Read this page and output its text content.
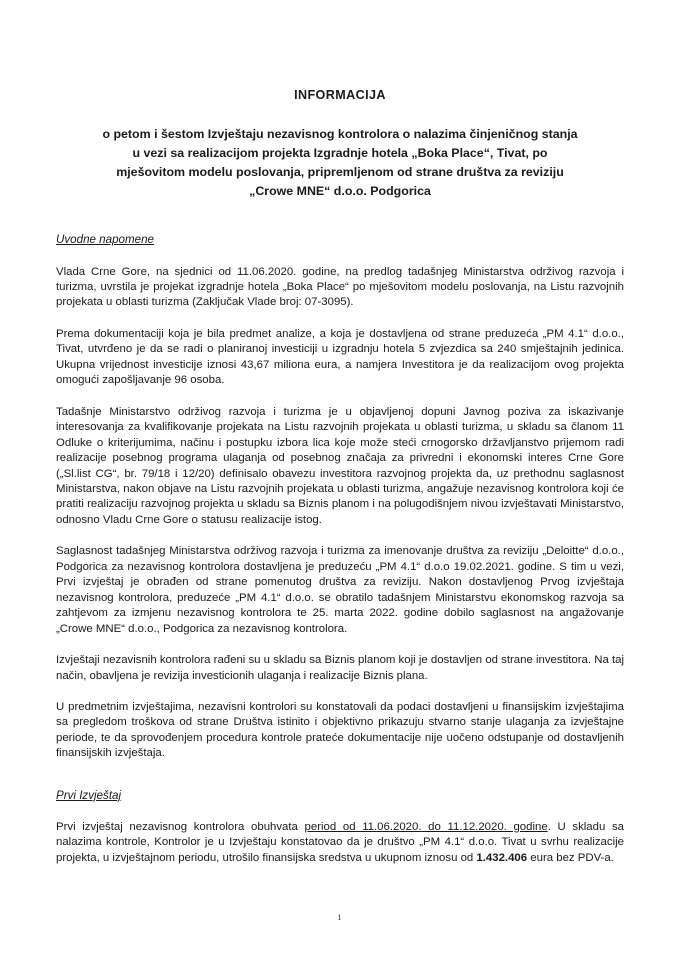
INFORMACIJA
o petom i šestom Izvještaju nezavisnog kontrolora o nalazima činjeničnog stanja
u vezi sa realizacijom projekta Izgradnje hotela „Boka Place“, Tivat, po
mješovitom modelu poslovanja, pripremljenom od strane društva za reviziju
„Crowe MNE“ d.o.o. Podgorica
Uvodne napomene

Vlada Crne Gore, na sjednici od 11.06.2020. godine, na predlog tadašnjeg Ministarstva održivog razvoja i turizma, uvrstila je projekat izgradnje hotela „Boka Place“ po mješovitom modelu poslovanja, na Listu razvojnih projekata u oblasti turizma (Zaključak Vlade broj: 07-3095).

Prema dokumentaciji koja je bila predmet analize, a koja je dostavljena od strane preduzeća „PM 4.1“ d.o.o., Tivat, utvrđeno je da se radi o planiranoj investiciji u izgradnju hotela 5 zvjezdica sa 240 smještajnih jedinica. Ukupna vrijednost investicije iznosi 43,67 miliona eura, a namjera Investitora je da realizacijom ovog projekta omogući zapošljavanje 96 osoba.

Tadašnje Ministarstvo održivog razvoja i turizma je u objavljenoj dopuni Javnog poziva za iskazivanje interesovanja za kvalifikovanje projekata na Listu razvojnih projekata u oblasti turizma, u skladu sa članom 11 Odluke o kriterijumima, načinu i postupku izbora lica koje može steći crnogorsko državljanstvo prijemom radi realizacije posebnog programa ulaganja od posebnog značaja za privredni i ekonomski interes Crne Gore („Sl.list CG“, br. 79/18 i 12/20) definisalo obavezu investitora razvojnog projekta da, uz prethodnu saglasnost Ministarstva, nakon objave na Listu razvojnih projekata u oblasti turizma, angažuje nezavisnog kontrolora koji će pratiti realizaciju razvojnog projekta u skladu sa Biznis planom i na polugodišnjem nivou izvještavati Ministarstvo, odnosno Vladu Crne Gore o statusu realizacije istog.

Saglasnost tadašnjeg Ministarstva održivog razvoja i turizma za imenovanje društva za reviziju „Deloitte“ d.o.o., Podgorica za nezavisnog kontrolora dostavljena je preduzeću „PM 4.1“ d.o.o 19.02.2021. godine. S tim u vezi, Prvi izvještaj je obrađen od strane pomenutog društva za reviziju. Nakon dostavljenog Prvog izvještaja nezavisnog kontrolora, preduzeće „PM 4.1“ d.o.o. se obratilo tadašnjem Ministarstvu ekonomskog razvoja sa zahtjevom za izmjenu nezavisnog kontrolora te 25. marta 2022. godine dobilo saglasnost na angažovanje „Crowe MNE“ d.o.o., Podgorica za nezavisnog kontrolora.

Izvještaji nezavisnih kontrolora rađeni su u skladu sa Biznis planom koji je dostavljen od strane investitora. Na taj način, obavljena je revizija investicionih ulaganja i realizacije Biznis plana.

U predmetnim izvještajima, nezavisni kontrolori su konstatovali da podaci dostavljeni u finansijskim izvještajima sa pregledom troškova od strane Društva istinito i objektivno prikazuju stvarno stanje ulaganja za izvještajne periode, te da sprovođenjem procedura kontrole prateće dokumentacije nije uočeno odstupanje od dostavljenih finansijskih izvještaja.

Prvi Izvještaj

Prvi izvještaj nezavisnog kontrolora obuhvata period od 11.06.2020. do 11.12.2020. godine. U skladu sa nalazima kontrole, Kontrolor je u Izvještaju konstatovao da je društvo „PM 4.1“ d.o.o. Tivat u svrhu realizacije projekta, u izvještajnom periodu, utrošilo finansijska sredstva u ukupnom iznosu od 1.432.406 eura bez PDV-a.

1
